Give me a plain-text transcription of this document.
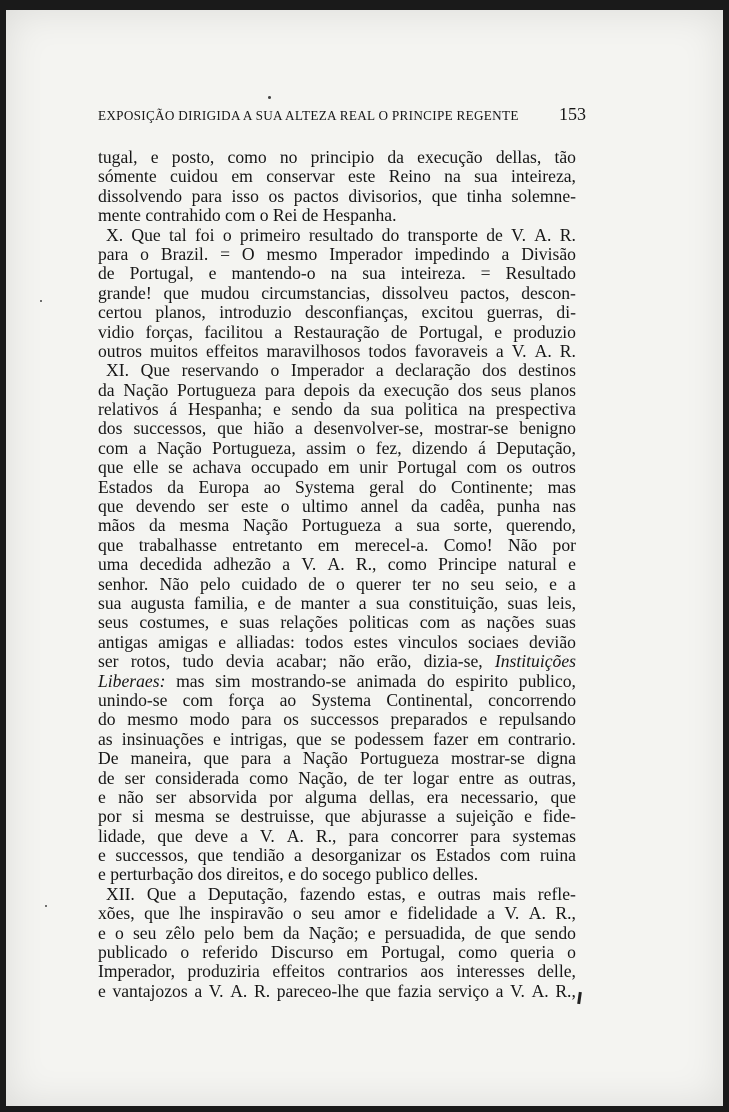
EXPOSIÇÃO DIRIGIDA A SUA ALTEZA REAL O PRINCIPE REGENTE 153
tugal, e posto, como no principio da execução dellas, tão
sómente cuidou em conservar este Reino na sua inteireza,
dissolvendo para isso os pactos divisorios, que tinha solemne-
mente contrahido com o Rei de Hespanha.
X. Que tal foi o primeiro resultado do transporte de V. A. R.
para o Brazil. = O mesmo Imperador impedindo a Divisão
de Portugal, e mantendo-o na sua inteireza. = Resultado
grande! que mudou circumstancias, dissolveu pactos, descon-
certou planos, introduzio desconfianças, excitou guerras, di-
vidio forças, facilitou a Restauração de Portugal, e produzio
outros muitos effeitos maravilhosos todos favoraveis a V. A. R.
XI. Que reservando o Imperador a declaração dos destinos
da Nação Portugueza para depois da execução dos seus planos
relativos á Hespanha; e sendo da sua politica na prespectiva
dos successos, que hião a desenvolver-se, mostrar-se benigno
com a Nação Portugueza, assim o fez, dizendo á Deputação,
que elle se achava occupado em unir Portugal com os outros
Estados da Europa ao Systema geral do Continente; mas
que devendo ser este o ultimo annel da cadêa, punha nas
mãos da mesma Nação Portugueza a sua sorte, querendo,
que trabalhasse entretanto em merecel-a. Como! Não por
uma decedida adhezão a V. A. R., como Principe natural e
senhor. Não pelo cuidado de o querer ter no seu seio, e a
sua augusta familia, e de manter a sua constituição, suas leis,
seus costumes, e suas relações politicas com as nações suas
antigas amigas e alliadas: todos estes vinculos sociaes devião
ser rotos, tudo devia acabar; não erão, dizia-se, Instituições
Liberaes: mas sim mostrando-se animada do espirito publico,
unindo-se com força ao Systema Continental, concorrendo
do mesmo modo para os successos preparados e repulsando
as insinuações e intrigas, que se podessem fazer em contrario.
De maneira, que para a Nação Portugueza mostrar-se digna
de ser considerada como Nação, de ter logar entre as outras,
e não ser absorvida por alguma dellas, era necessario, que
por si mesma se destruisse, que abjurasse a sujeição e fide-
lidade, que deve a V. A. R., para concorrer para systemas
e successos, que tendião a desorganizar os Estados com ruina
e perturbação dos direitos, e do socego publico delles.
XII. Que a Deputação, fazendo estas, e outras mais refle-
xões, que lhe inspiravão o seu amor e fidelidade a V. A. R.,
e o seu zêlo pelo bem da Nação; e persuadida, de que sendo
publicado o referido Discurso em Portugal, como queria o
Imperador, produziria effeitos contrarios aos interesses delle,
e vantajozos a V. A. R. pareceo-lhe que fazia serviço a V. A. R.,
